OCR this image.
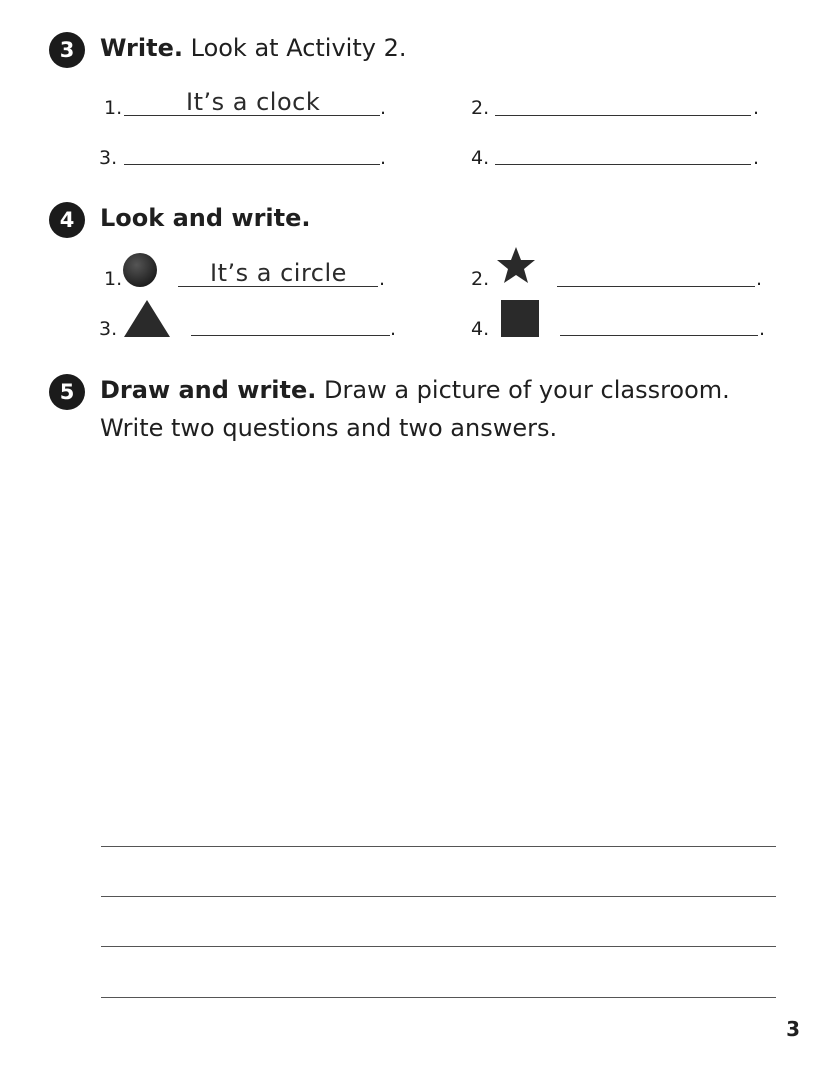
3	Write. Look at Activity 2.
1.	It’s a clock	.	2.	.
3.	.	4.	.
4	Look and write.
1.	It’s a circle .	2.	.
3.	.	4.	.
5	Draw and write. Draw a picture of your classroom.
Write two questions and two answers.
3
